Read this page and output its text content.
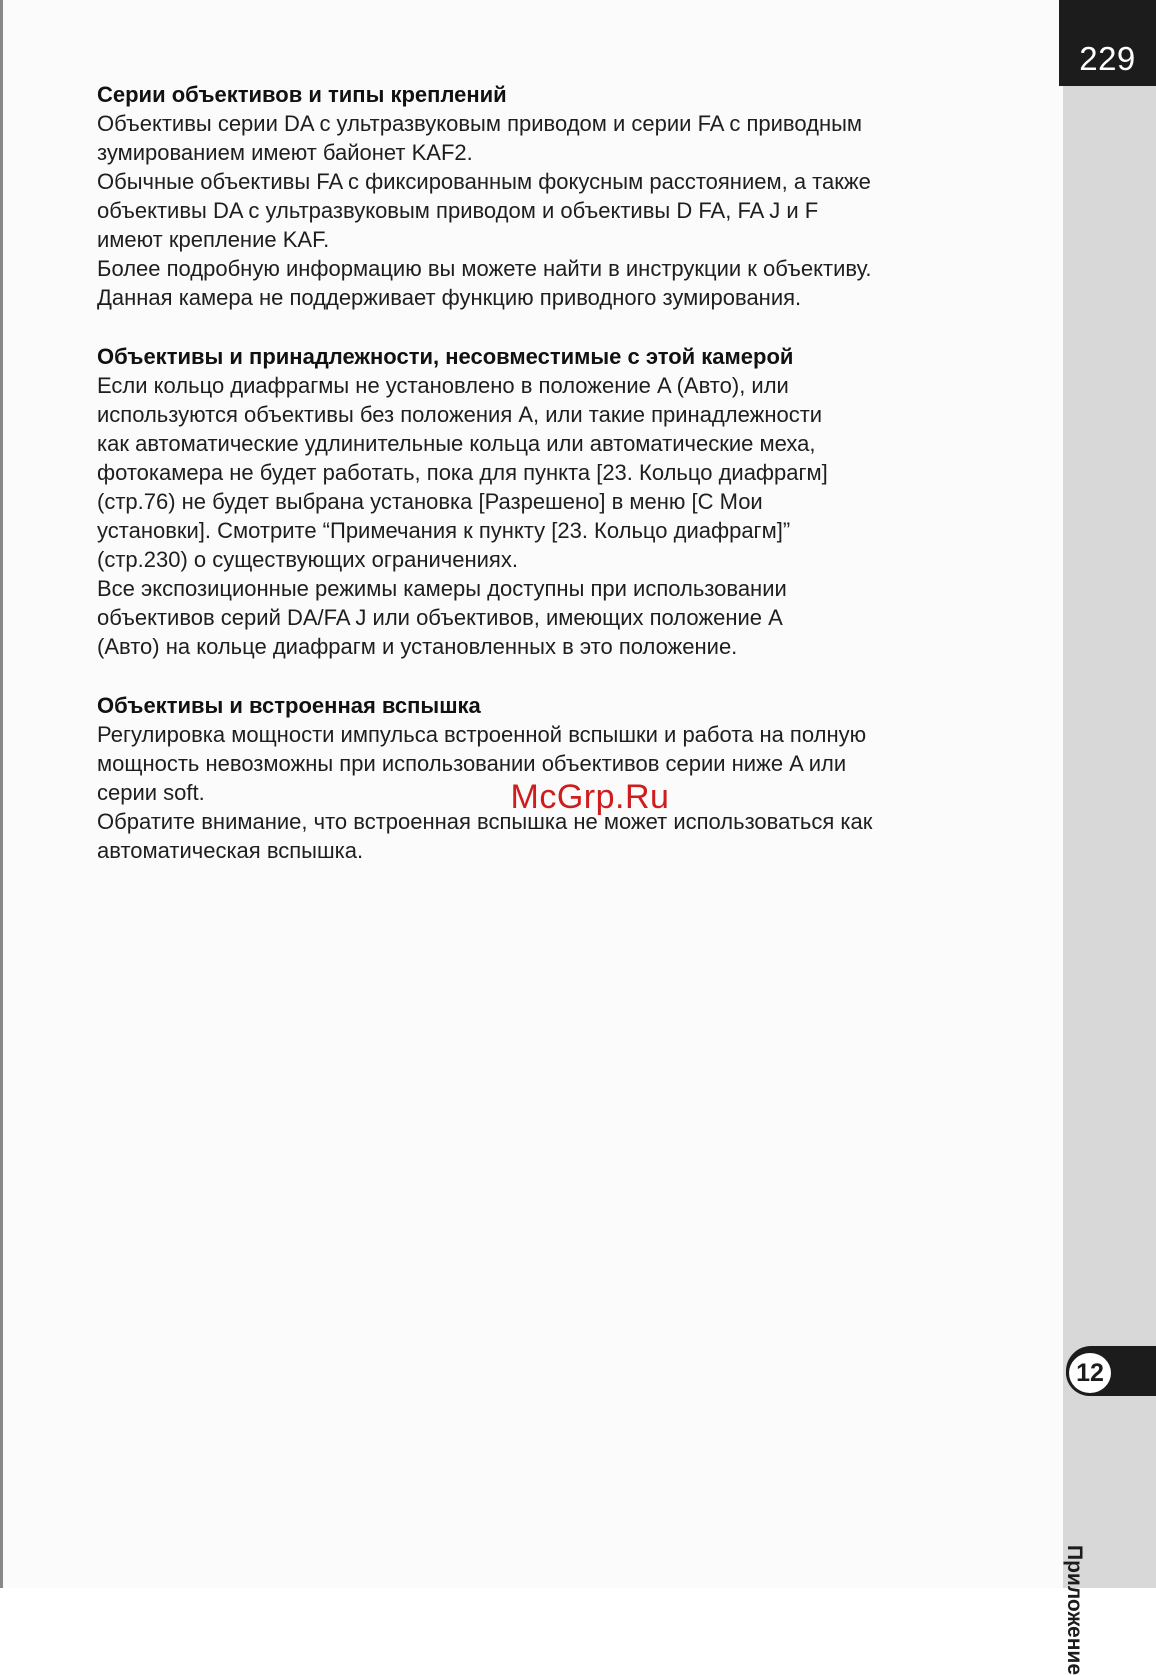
229
12
Приложение
Серии объективов и типы креплений

Объективы серии DA с ультразвуковым приводом и серии FA с приводным
зумированием имеют байонет KAF2.

Обычные объективы FA с фиксированным фокусным расстоянием, а также
объективы DA с ультразвуковым приводом и объективы D FA, FA J и F
имеют крепление KAF.

Более подробную информацию вы можете найти в инструкции к объективу.

Данная камера не поддерживает функцию приводного зумирования.

Объективы и принадлежности, несовместимые с этой камерой

Если кольцо диафрагмы не установлено в положение A (Авто), или
используются объективы без положения A, или такие принадлежности
как автоматические удлинительные кольца или автоматические меха,
фотокамера не будет работать, пока для пункта [23. Кольцо диафрагм]
(стр.76) не будет выбрана установка [Разрешено] в меню [C Мои
установки]. Смотрите “Примечания к пункту [23. Кольцо диафрагм]”
(стр.230) о существующих ограничениях.

Все экспозиционные режимы камеры доступны при использовании
объективов серий DA/FA J или объективов, имеющих положение A
(Авто) на кольце диафрагм и установленных в это положение.

Объективы и встроенная вспышка

Регулировка мощности импульса встроенной вспышки и работа на полную
мощность невозможны при использовании объективов серии ниже A или
серии soft.

Обратите внимание, что встроенная вспышка не может использоваться как
автоматическая вспышка.

McGrp.Ru
